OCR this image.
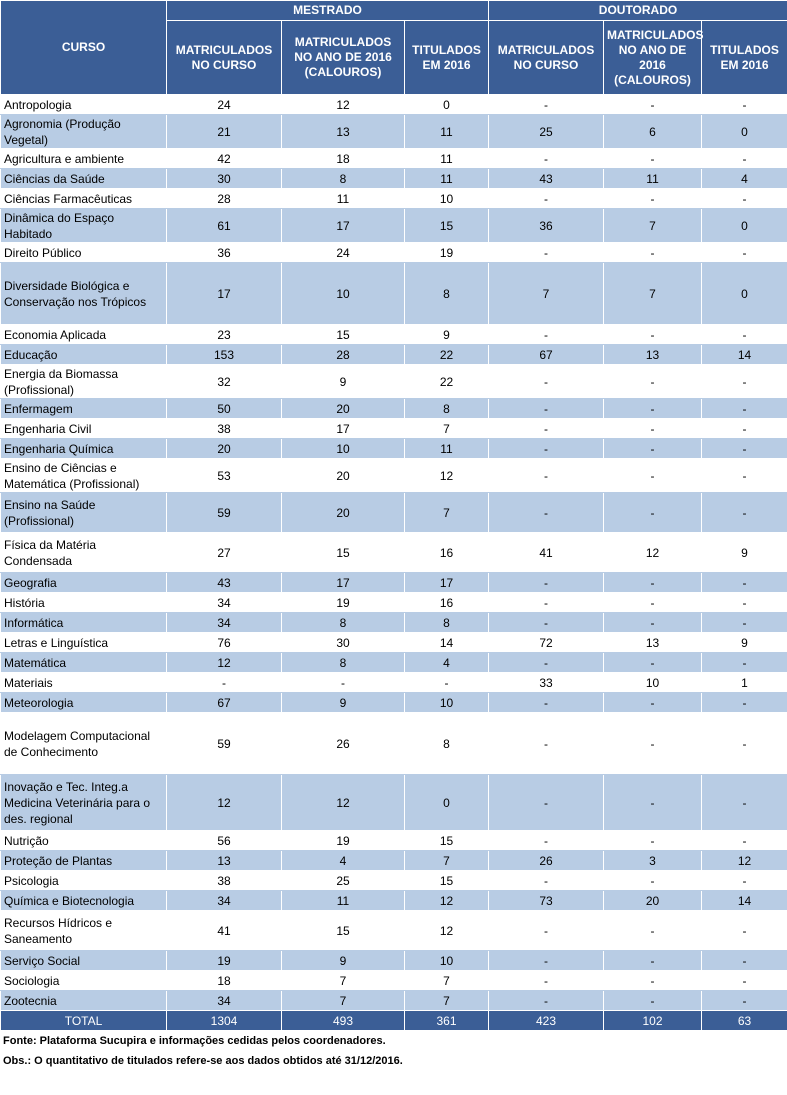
CURSO	MESTRADO			DOUTORADO		
	MATRICULADOS NO CURSO	MATRICULADOS NO ANO DE 2016 (CALOUROS)	TITULADOS EM 2016	MATRICULADOS NO CURSO	MATRICULADOS NO ANO DE 2016 (CALOUROS)	TITULADOS EM 2016
Antropologia	24	12	0	-	-	-
Agronomia (Produção Vegetal)	21	13	11	25	6	0
Agricultura e ambiente	42	18	11	-	-	-
Ciências da Saúde	30	8	11	43	11	4
Ciências Farmacêuticas	28	11	10	-	-	-
Dinâmica do Espaço Habitado	61	17	15	36	7	0
Direito Público	36	24	19	-	-	-
Diversidade Biológica e Conservação nos Trópicos	17	10	8	7	7	0
Economia Aplicada	23	15	9	-	-	-
Educação	153	28	22	67	13	14
Energia da Biomassa (Profissional)	32	9	22	-	-	-
Enfermagem	50	20	8	-	-	-
Engenharia Civil	38	17	7	-	-	-
Engenharia Química	20	10	11	-	-	-
Ensino de Ciências e Matemática (Profissional)	53	20	12	-	-	-
Ensino na Saúde (Profissional)	59	20	7	-	-	-
Física da Matéria Condensada	27	15	16	41	12	9
Geografia	43	17	17	-	-	-
História	34	19	16	-	-	-
Informática	34	8	8	-	-	-
Letras e Linguística	76	30	14	72	13	9
Matemática	12	8	4	-	-	-
Materiais	-	-	-	33	10	1
Meteorologia	67	9	10	-	-	-
Modelagem Computacional de Conhecimento	59	26	8	-	-	-
Inovação e Tec. Integ.a Medicina Veterinária para o des. regional	12	12	0	-	-	-
Nutrição	56	19	15	-	-	-
Proteção de Plantas	13	4	7	26	3	12
Psicologia	38	25	15	-	-	-
Química e Biotecnologia	34	11	12	73	20	14
Recursos Hídricos e Saneamento	41	15	12	-	-	-
Serviço Social	19	9	10	-	-	-
Sociologia	18	7	7	-	-	-
Zootecnia	34	7	7	-	-	-
TOTAL	1304	493	361	423	102	63
Fonte: Plataforma Sucupira e informações cedidas pelos coordenadores.
Obs.: O quantitativo de titulados refere-se aos dados obtidos até 31/12/2016.
